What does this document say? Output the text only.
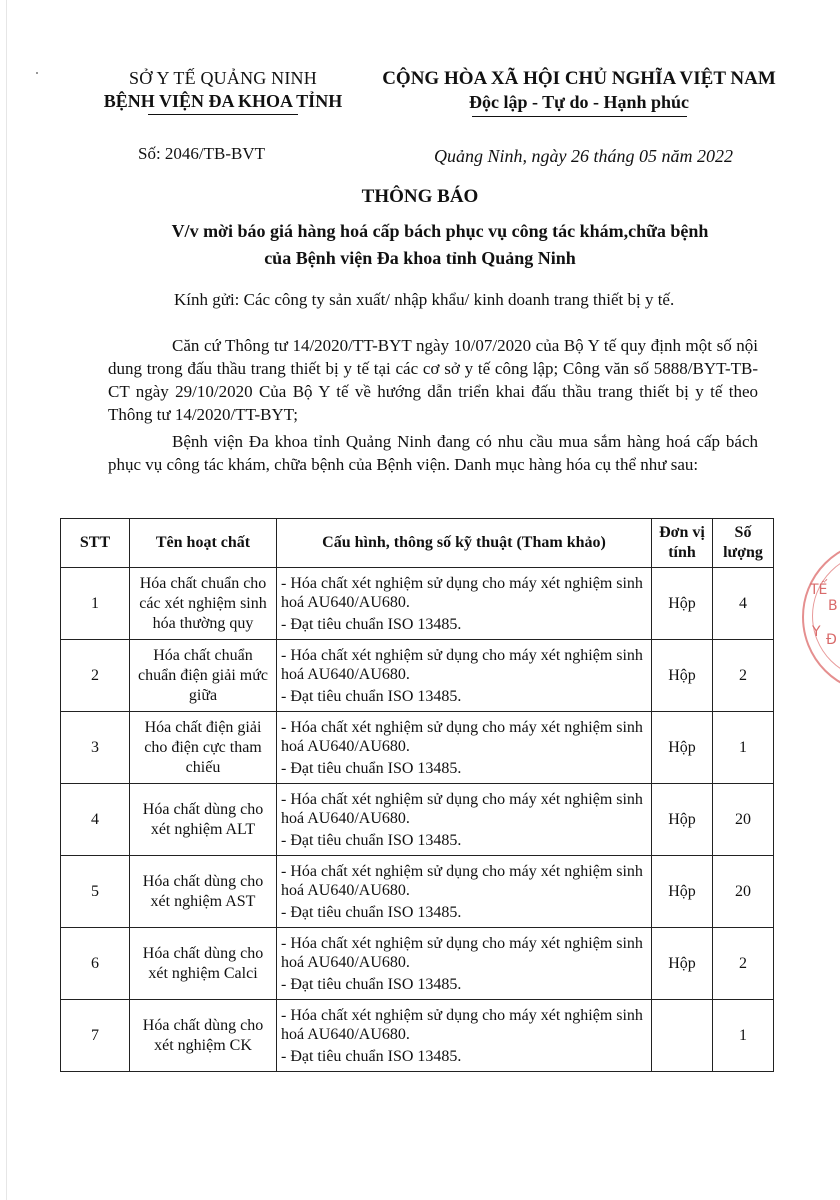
SỞ Y TẾ QUẢNG NINH
BỆNH VIỆN ĐA KHOA TỈNH
CỘNG HÒA XÃ HỘI CHỦ NGHĨA VIỆT NAM
Độc lập - Tự do - Hạnh phúc
Số: 2046/TB-BVT	Quảng Ninh, ngày 26 tháng 05 năm 2022
THÔNG BÁO
V/v mời báo giá hàng hoá cấp bách phục vụ công tác khám,chữa bệnh
của Bệnh viện Đa khoa tỉnh Quảng Ninh
Kính gửi: Các công ty sản xuất/ nhập khẩu/ kinh doanh trang thiết bị y tế.
Căn cứ Thông tư 14/2020/TT-BYT ngày 10/07/2020 của Bộ Y tế quy định một số nội dung trong đấu thầu trang thiết bị y tế tại các cơ sở y tế công lập; Công văn số 5888/BYT-TB-CT ngày 29/10/2020 Của Bộ Y tế về hướng dẫn triển khai đấu thầu trang thiết bị y tế theo Thông tư 14/2020/TT-BYT;
Bệnh viện Đa khoa tỉnh Quảng Ninh đang có nhu cầu mua sắm hàng hoá cấp bách phục vụ công tác khám, chữa bệnh của Bệnh viện. Danh mục hàng hóa cụ thể như sau:
STT	Tên hoạt chất	Cấu hình, thông số kỹ thuật (Tham khảo)	Đơn vị tính	Số lượng
1	Hóa chất chuẩn cho các xét nghiệm sinh hóa thường quy	- Hóa chất xét nghiệm sử dụng cho máy xét nghiệm sinh hoá AU640/AU680.
- Đạt tiêu chuẩn ISO 13485.	Hộp	4
2	Hóa chất chuẩn chuẩn điện giải mức giữa	- Hóa chất xét nghiệm sử dụng cho máy xét nghiệm sinh hoá AU640/AU680.
- Đạt tiêu chuẩn ISO 13485.	Hộp	2
3	Hóa chất điện giải cho điện cực tham chiếu	- Hóa chất xét nghiệm sử dụng cho máy xét nghiệm sinh hoá AU640/AU680.
- Đạt tiêu chuẩn ISO 13485.	Hộp	1
4	Hóa chất dùng cho xét nghiệm ALT	- Hóa chất xét nghiệm sử dụng cho máy xét nghiệm sinh hoá AU640/AU680.
- Đạt tiêu chuẩn ISO 13485.	Hộp	20
5	Hóa chất dùng cho xét nghiệm AST	- Hóa chất xét nghiệm sử dụng cho máy xét nghiệm sinh hoá AU640/AU680.
- Đạt tiêu chuẩn ISO 13485.	Hộp	20
6	Hóa chất dùng cho xét nghiệm Calci	- Hóa chất xét nghiệm sử dụng cho máy xét nghiệm sinh hoá AU640/AU680.
- Đạt tiêu chuẩn ISO 13485.	Hộp	2
7	Hóa chất dùng cho xét nghiệm CK	- Hóa chất xét nghiệm sử dụng cho máy xét nghiệm sinh hoá AU640/AU680.
- Đạt tiêu chuẩn ISO 13485.		1
TẾ
B
Y Đ
